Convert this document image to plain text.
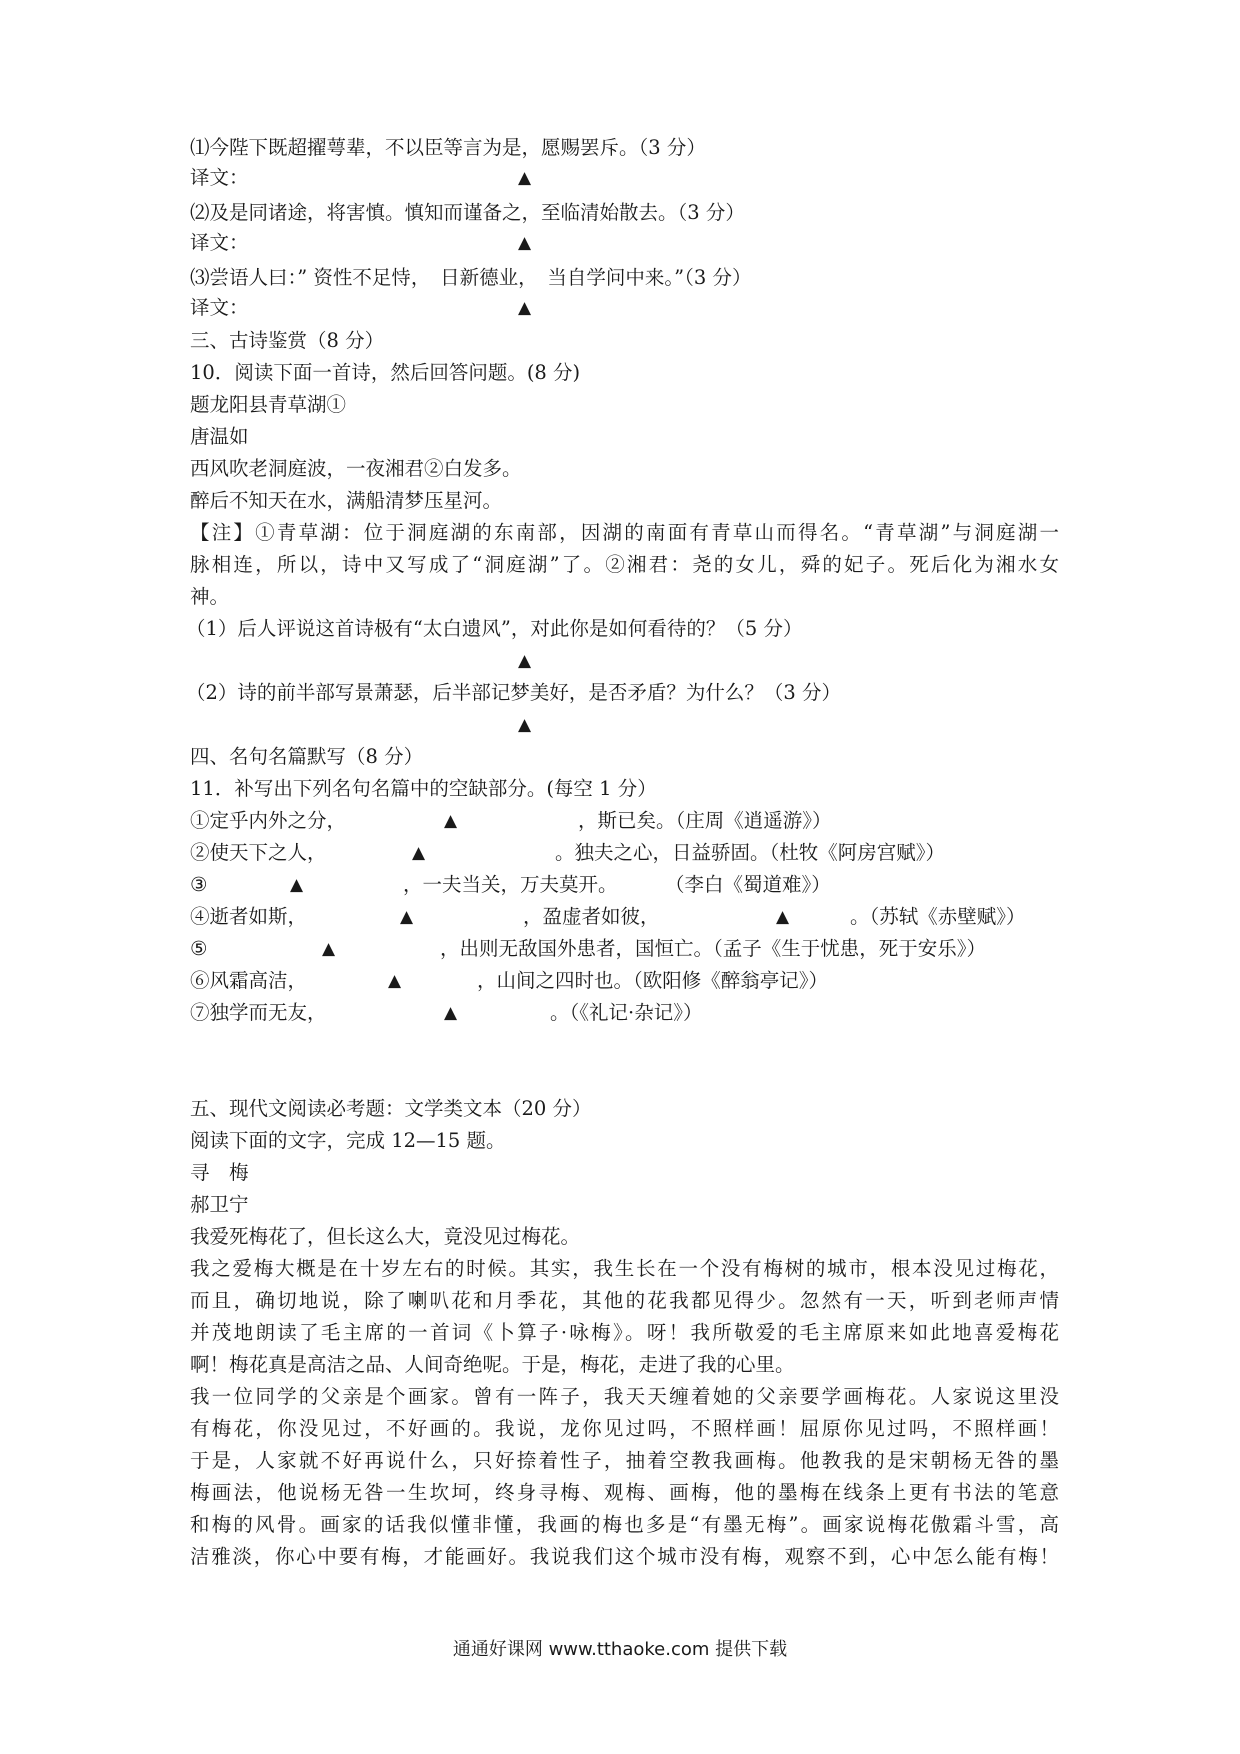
⑴今陛下既超擢萼辈，不以臣等言为是，愿赐罢斥。（3 分）
译文：	▲
⑵及是同诸途，将害慎。慎知而谨备之，至临清始散去。（3 分）
译文：	▲
⑶尝语人曰：” 资性不足恃，　日新德业，　当自学问中来。”（3 分）
译文：	▲
三、古诗鉴赏（8 分）
10．阅读下面一首诗，然后回答问题。(8 分)
题龙阳县青草湖①
唐温如
西风吹老洞庭波，一夜湘君②白发多。
醉后不知天在水，满船清梦压星河。
【注】①青草湖：位于洞庭湖的东南部，因湖的南面有青草山而得名。“青草湖”与洞庭湖一
脉相连，所以，诗中又写成了“洞庭湖”了。②湘君：尧的女儿，舜的妃子。死后化为湘水女
神。
（1）后人评说这首诗极有“太白遗风”，对此你是如何看待的？（5 分）
▲
（2）诗的前半部写景萧瑟，后半部记梦美好，是否矛盾？为什么？（3 分）
▲
四、名句名篇默写（8 分）
11．补写出下列名句名篇中的空缺部分。(每空 1 分）
①定乎内外之分，	▲	，斯已矣。（庄周《逍遥游》）
②使天下之人，	▲	。独夫之心，日益骄固。（杜牧《阿房宫赋》）
③	▲	，一夫当关，万夫莫开。 （李白《蜀道难》）
④逝者如斯，	▲	，盈虚者如彼，	▲	。（苏轼《赤壁赋》）
⑤	▲	，出则无敌国外患者，国恒亡。（孟子《生于忧患，死于安乐》）
⑥风霜高洁，	▲	，山间之四时也。（欧阳修《醉翁亭记》）
⑦独学而无友，	▲	。（《礼记·杂记》）
五、现代文阅读必考题：文学类文本（20 分）
阅读下面的文字，完成 12—15 题。
寻　梅
郝卫宁
我爱死梅花了，但长这么大，竟没见过梅花。
我之爱梅大概是在十岁左右的时候。其实，我生长在一个没有梅树的城市，根本没见过梅花，
而且，确切地说，除了喇叭花和月季花，其他的花我都见得少。忽然有一天，听到老师声情
并茂地朗读了毛主席的一首词《卜算子·咏梅》。呀！我所敬爱的毛主席原来如此地喜爱梅花
啊！梅花真是高洁之品、人间奇绝呢。于是，梅花，走进了我的心里。
我一位同学的父亲是个画家。曾有一阵子，我天天缠着她的父亲要学画梅花。人家说这里没
有梅花，你没见过，不好画的。我说，龙你见过吗，不照样画！屈原你见过吗，不照样画！
于是，人家就不好再说什么，只好捺着性子，抽着空教我画梅。他教我的是宋朝杨无咎的墨
梅画法，他说杨无咎一生坎坷，终身寻梅、观梅、画梅，他的墨梅在线条上更有书法的笔意
和梅的风骨。画家的话我似懂非懂，我画的梅也多是“有墨无梅”。画家说梅花傲霜斗雪，高
洁雅淡，你心中要有梅，才能画好。我说我们这个城市没有梅，观察不到，心中怎么能有梅！
通通好课网 www.tthaoke.com 提供下载
